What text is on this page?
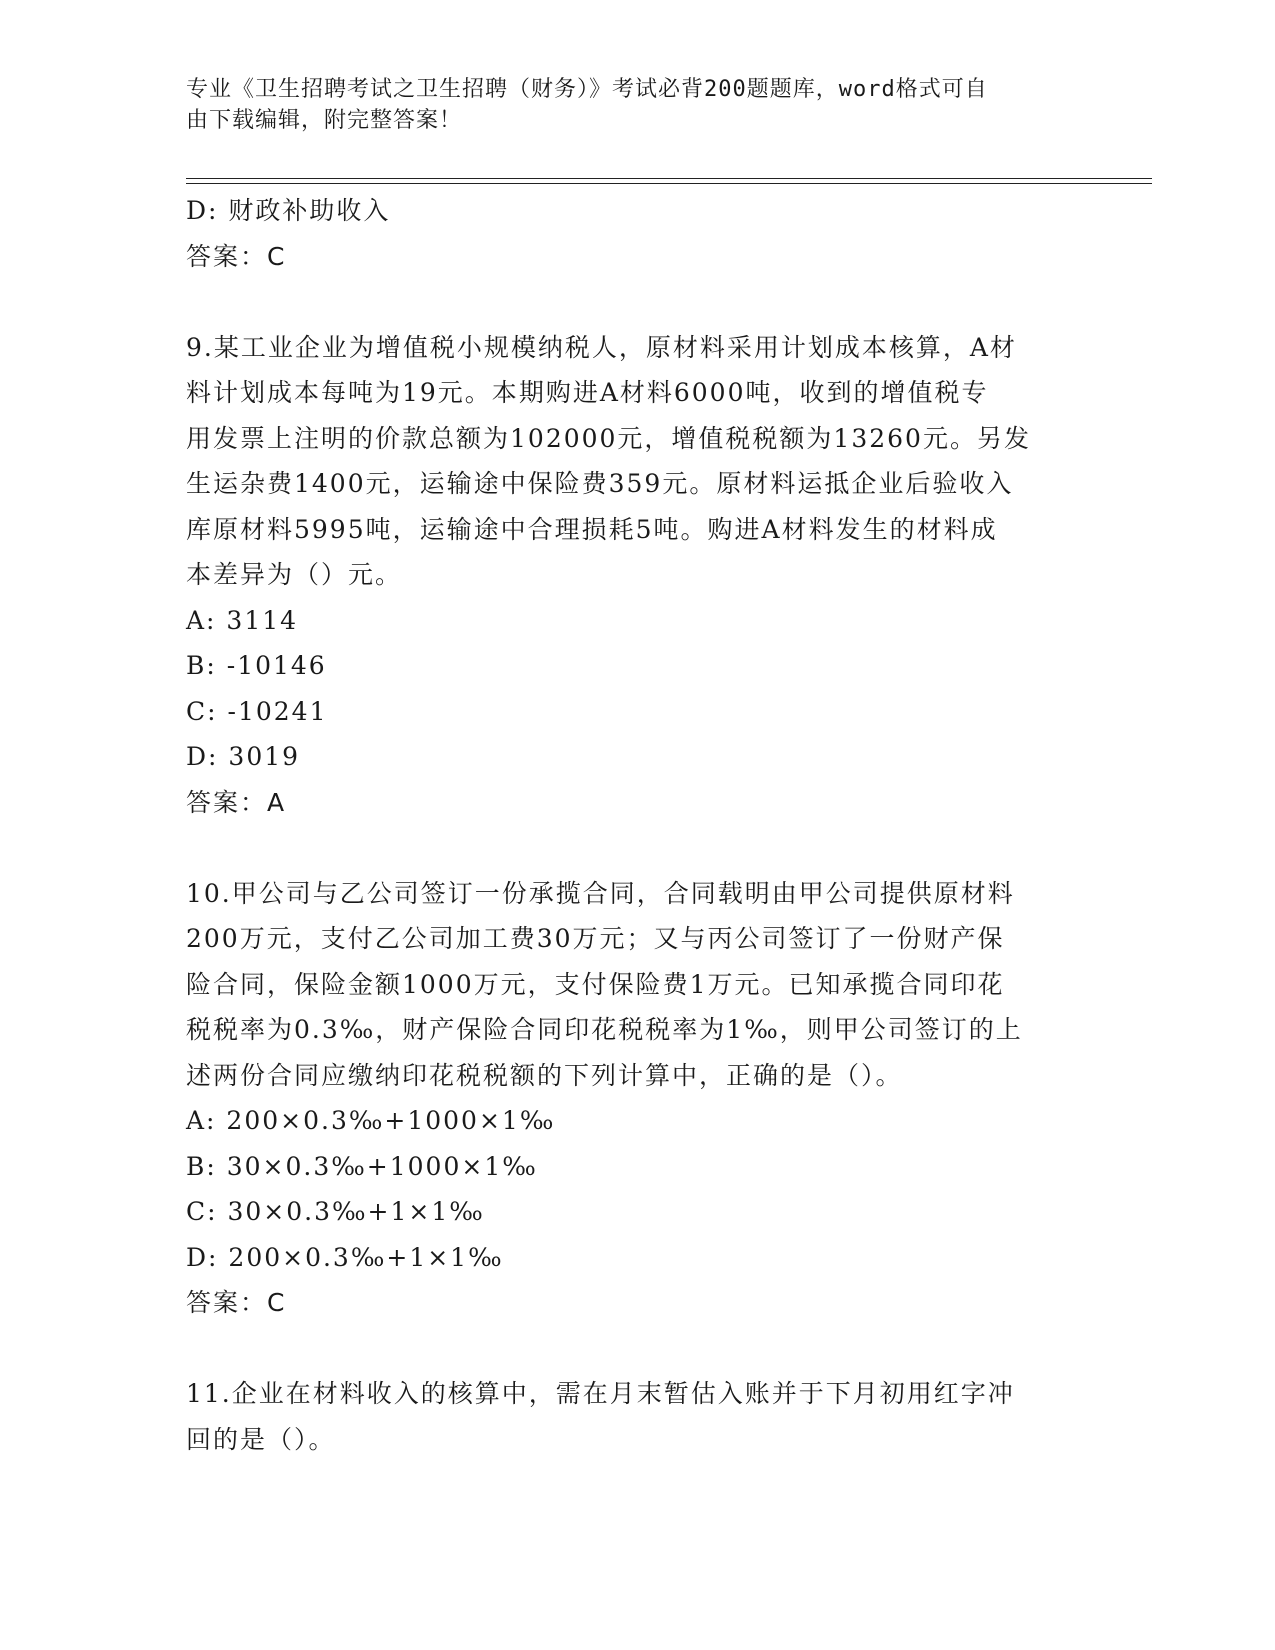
专业《卫生招聘考试之卫生招聘（财务）》考试必背200题题库，word格式可自
由下载编辑，附完整答案！
D: 财政补助收入
答案：C
9.某工业企业为增值税小规模纳税人，原材料采用计划成本核算，A材
料计划成本每吨为19元。本期购进A材料6000吨，收到的增值税专
用发票上注明的价款总额为102000元，增值税税额为13260元。另发
生运杂费1400元，运输途中保险费359元。原材料运抵企业后验收入
库原材料5995吨，运输途中合理损耗5吨。购进A材料发生的材料成
本差异为（）元。
A: 3114
B: -10146
C: -10241
D: 3019
答案：A
10.甲公司与乙公司签订一份承揽合同，合同载明由甲公司提供原材料
200万元，支付乙公司加工费30万元；又与丙公司签订了一份财产保
险合同，保险金额1000万元，支付保险费1万元。已知承揽合同印花
税税率为0.3‰，财产保险合同印花税税率为1‰，则甲公司签订的上
述两份合同应缴纳印花税税额的下列计算中，正确的是（）。
A: 200×0.3‰+1000×1‰
B: 30×0.3‰+1000×1‰
C: 30×0.3‰+1×1‰
D: 200×0.3‰+1×1‰
答案：C
11.企业在材料收入的核算中，需在月末暂估入账并于下月初用红字冲
回的是（）。
